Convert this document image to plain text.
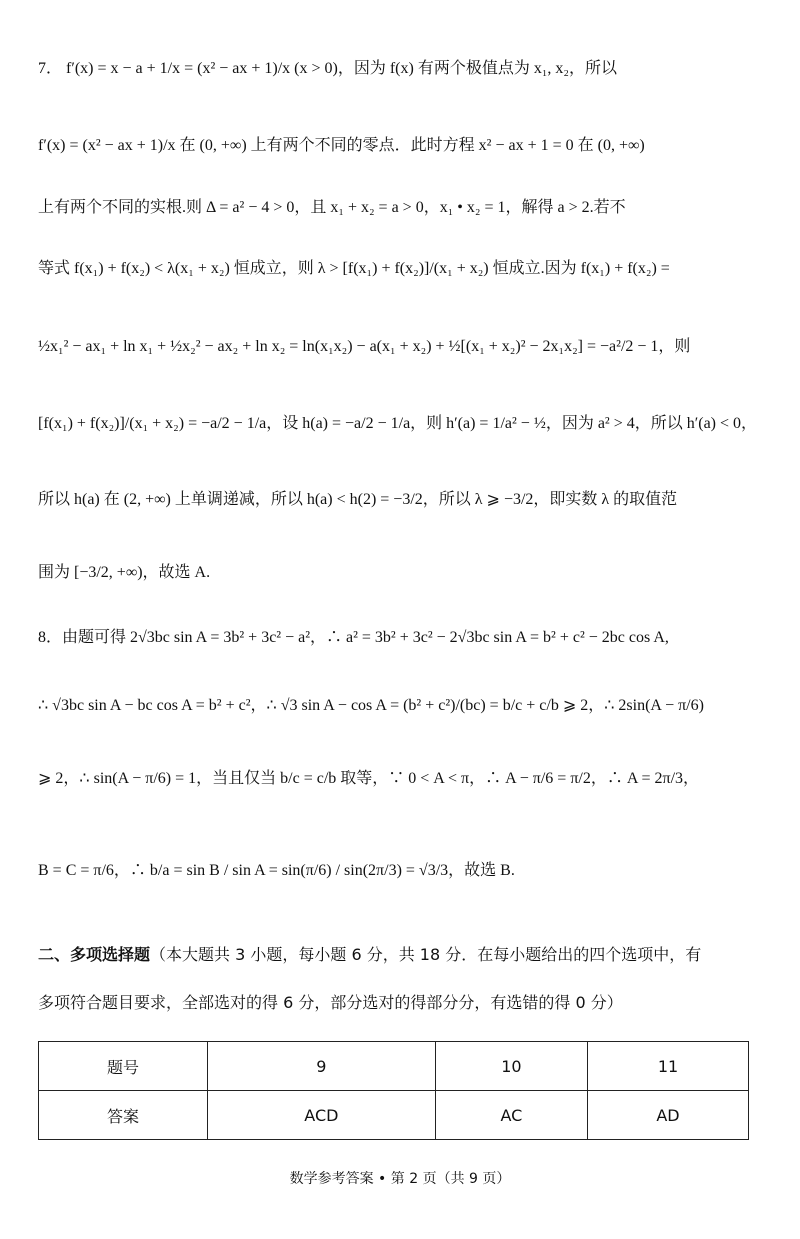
7． f′(x) = x − a + 1/x = (x² − ax + 1)/x (x > 0)，因为 f(x) 有两个极值点为 x₁, x₂，所以
f′(x) = (x² − ax + 1)/x 在 (0, +∞) 上有两个不同的零点．此时方程 x² − ax + 1 = 0 在 (0, +∞)
上有两个不同的实根.则 Δ = a² − 4 > 0，且 x₁ + x₂ = a > 0，x₁ • x₂ = 1，解得 a > 2.若不
等式 f(x₁) + f(x₂) < λ(x₁ + x₂) 恒成立，则 λ > [f(x₁) + f(x₂)]/(x₁ + x₂) 恒成立.因为 f(x₁) + f(x₂) =
½x₁² − ax₁ + ln x₁ + ½x₂² − ax₂ + ln x₂ = ln(x₁x₂) − a(x₁ + x₂) + ½[(x₁ + x₂)² − 2x₁x₂] = −a²/2 − 1，则
[f(x₁) + f(x₂)]/(x₁ + x₂) = −a/2 − 1/a，设 h(a) = −a/2 − 1/a，则 h′(a) = 1/a² − ½，因为 a² > 4，所以 h′(a) < 0，
所以 h(a) 在 (2, +∞) 上单调递减，所以 h(a) < h(2) = −3/2，所以 λ ⩾ −3/2，即实数 λ 的取值范
围为 [−3/2, +∞)，故选 A.
8．由题可得 2√3bc sin A = 3b² + 3c² − a²，∴ a² = 3b² + 3c² − 2√3bc sin A = b² + c² − 2bc cos A,
∴ √3bc sin A − bc cos A = b² + c²，∴ √3 sin A − cos A = (b² + c²)/(bc) = b/c + c/b ⩾ 2，∴ 2sin(A − π/6)
⩾ 2，∴ sin(A − π/6) = 1，当且仅当 b/c = c/b 取等，∵ 0 < A < π，∴ A − π/6 = π/2，∴ A = 2π/3，
B = C = π/6，∴ b/a = sin B / sin A = sin(π/6) / sin(2π/3) = √3/3，故选 B.
二、多项选择题（本大题共 3 小题，每小题 6 分，共 18 分．在每小题给出的四个选项中，有
多项符合题目要求，全部选对的得 6 分，部分选对的得部分分，有选错的得 0 分）
题号	9	10	11
答案	ACD	AC	AD
数学参考答案 • 第 2 页（共 9 页）
